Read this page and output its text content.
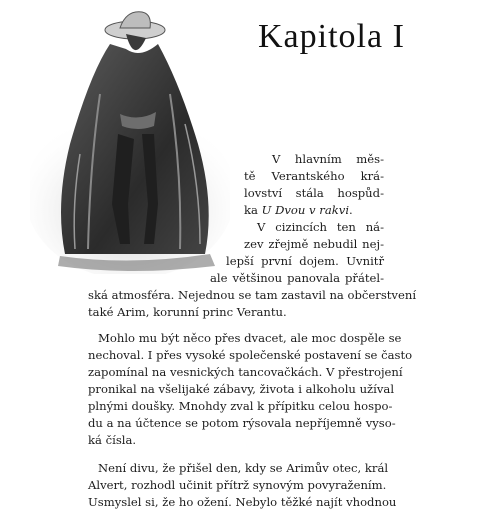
Kapitola I
V hlavním měs-
tě Verantského krá-
lovství stála hospůd-
ka U Dvou v rakvi.
V cizincích ten ná-
zev zřejmě nebudil nej-
lepší první dojem. Uvnitř
ale většinou panovala přátel-
ská atmosféra. Nejednou se tam zastavil na občerstvení
také Arim, korunní princ Verantu.
Mohlo mu být něco přes dvacet, ale moc dospěle se
nechoval. I přes vysoké společenské postavení se často
zapomínal na vesnických tancovačkách. V přestrojení
pronikal na všelijaké zábavy, života i alkoholu užíval
plnými doušky. Mnohdy zval k přípitku celou hospo-
du a na účtence se potom rýsovala nepříjemně vyso-
ká čísla.
Není divu, že přišel den, kdy se Arimův otec, král
Alvert, rozhodl učinit přítrž synovým povyražením.
Usmyslel si, že ho ožení. Nebylo těžké najít vhodnou
